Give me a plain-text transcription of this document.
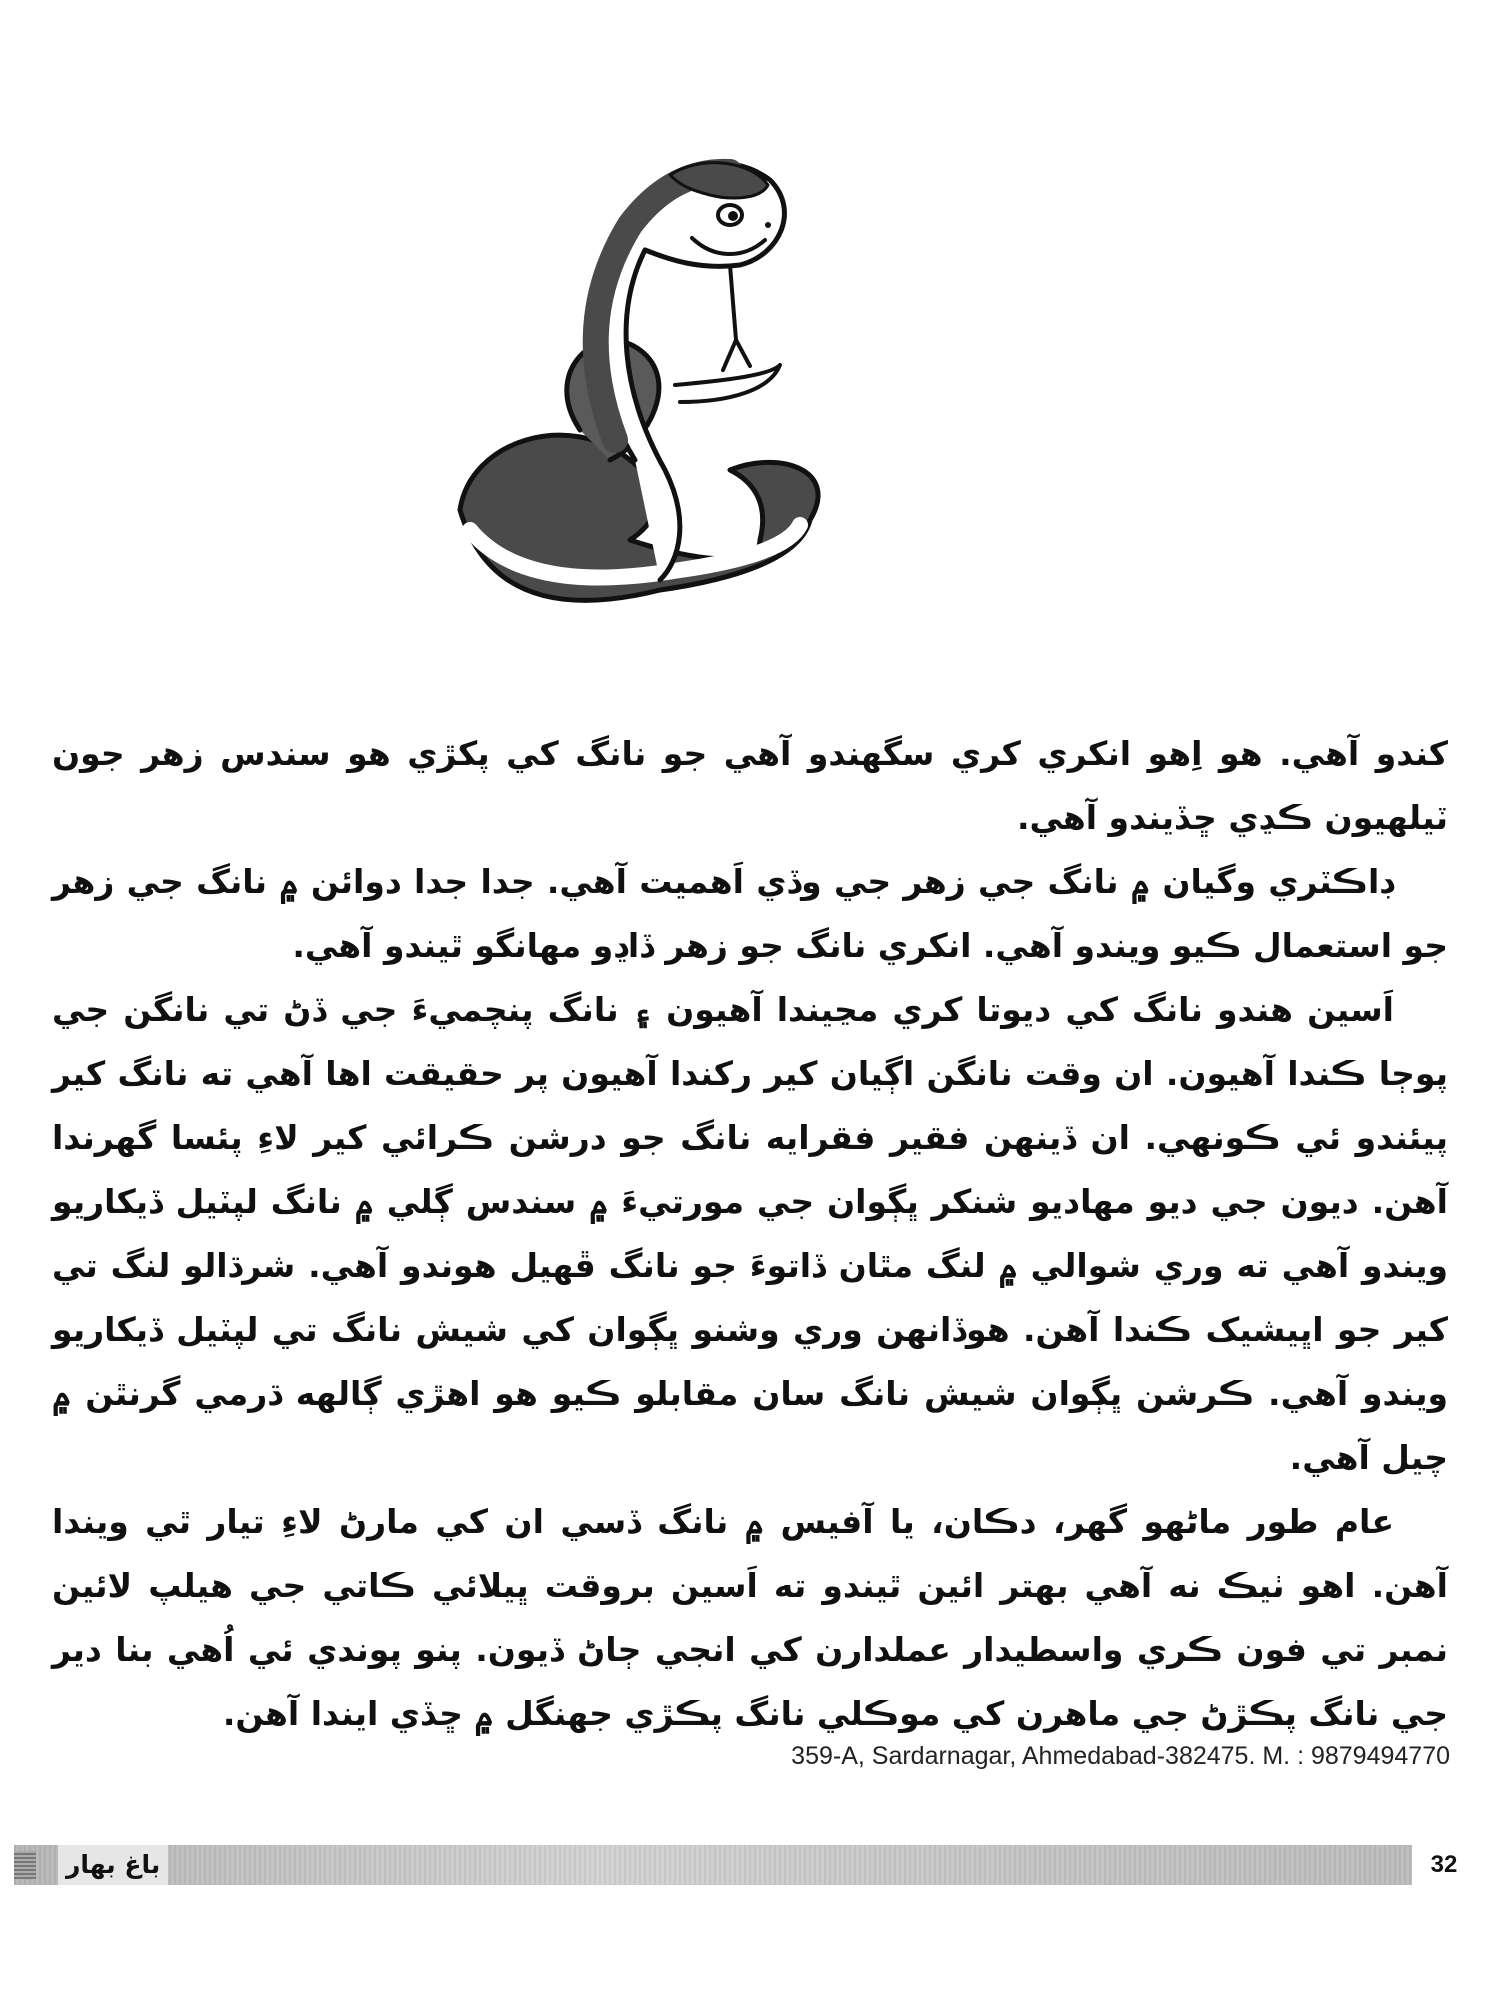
کندو آهي. هو اِهو انکري کري سگهندو آهي جو نانگ کي پکڙي هو سندس زهر جون ٽيلهيون ڪڍي ڇڏيندو آهي.

ڊاڪٽري وگيان ۾ نانگ جي زهر جي وڏي اَهميت آهي. جدا جدا دوائن ۾ نانگ جي زهر جو استعمال ڪيو ويندو آهي. انکري نانگ جو زهر ڏاڍو مهانگو ٿيندو آهي.

اَسين هندو نانگ کي ديوتا کري مڃيندا آهيون ۽ نانگ پنچميءَ جي ڏڻ تي نانگن جي پوڄا ڪندا آهيون. ان وقت نانگن اڳيان کير رکندا آهيون پر حقيقت اها آهي ته نانگ کير پيئندو ئي ڪونهي. ان ڏينهن فقير فقرايه نانگ جو درشن ڪرائي کير لاءِ پئسا گهرندا آهن. ديون جي ديو مهاديو شنکر ڀڳوان جي مورتيءَ ۾ سندس ڳلي ۾ نانگ لپٽيل ڏيکاريو ويندو آهي ته وري شوالي ۾ لنگ مٿان ڏاتوءَ جو نانگ ڦهيل هوندو آهي. شرڌالو لنگ تي کير جو اڀيشيک ڪندا آهن. هوڏانهن وري وشنو ڀڳوان کي شيش نانگ تي لپٽيل ڏيکاريو ويندو آهي. ڪرشن ڀڳوان شيش نانگ سان مقابلو ڪيو هو اهڙي ڳالهه ڌرمي گرنٿن ۾ چيل آهي.

عام طور ماڻهو گهر، دڪان، يا آفيس ۾ نانگ ڏسي ان کي مارڻ لاءِ تيار ٿي ويندا آهن. اهو ٺيڪ نه آهي بهتر ائين ٿيندو ته اَسين بروقت ڀيلائي ڪاتي جي هيلپ لائين نمبر تي فون ڪري واسطيدار عملدارن کي انجي ڄاڻ ڏيون. پنو پوندي ئي اُهي بنا دير جي نانگ پڪڙڻ جي ماهرن کي موڪلي نانگ پڪڙي جهنگل ۾ ڇڏي ايندا آهن.

359-A, Sardarnagar, Ahmedabad-382475. M. : 9879494770
باغ بهار	32
